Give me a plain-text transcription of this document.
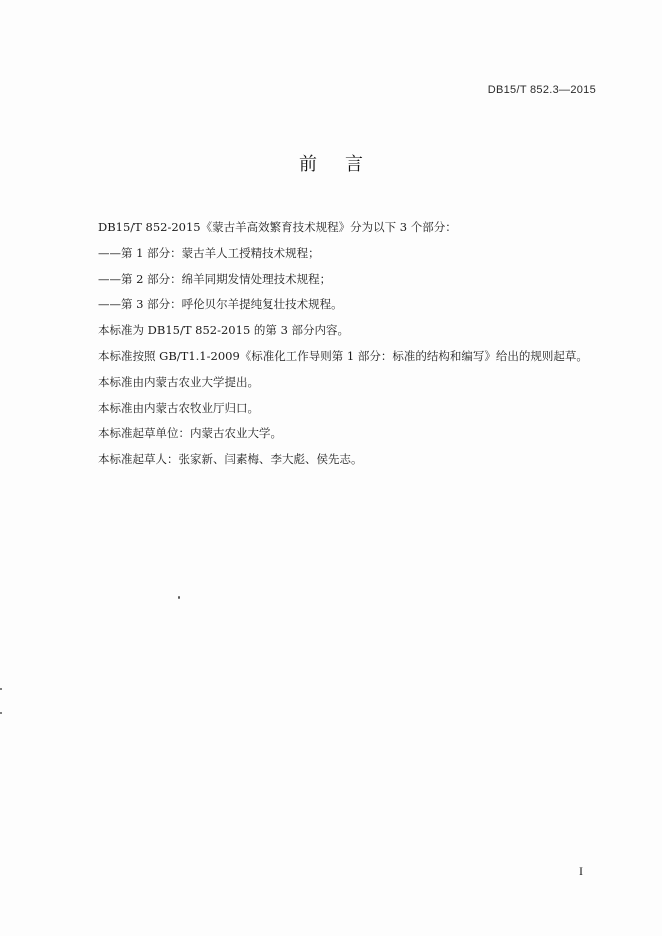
DB15/T 852.3—2015
前言
DB15/T 852-2015《蒙古羊高效繁育技术规程》分为以下 3 个部分：
——第 1 部分：蒙古羊人工授精技术规程；
——第 2 部分：绵羊同期发情处理技术规程；
——第 3 部分：呼伦贝尔羊提纯复壮技术规程。
本标准为 DB15/T 852-2015 的第 3 部分内容。
本标准按照 GB/T1.1-2009《标准化工作导则第 1 部分：标准的结构和编写》给出的规则起草。
本标准由内蒙古农业大学提出。
本标准由内蒙古农牧业厅归口。
本标准起草单位：内蒙古农业大学。
本标准起草人：张家新、闫素梅、李大彪、侯先志。
I
